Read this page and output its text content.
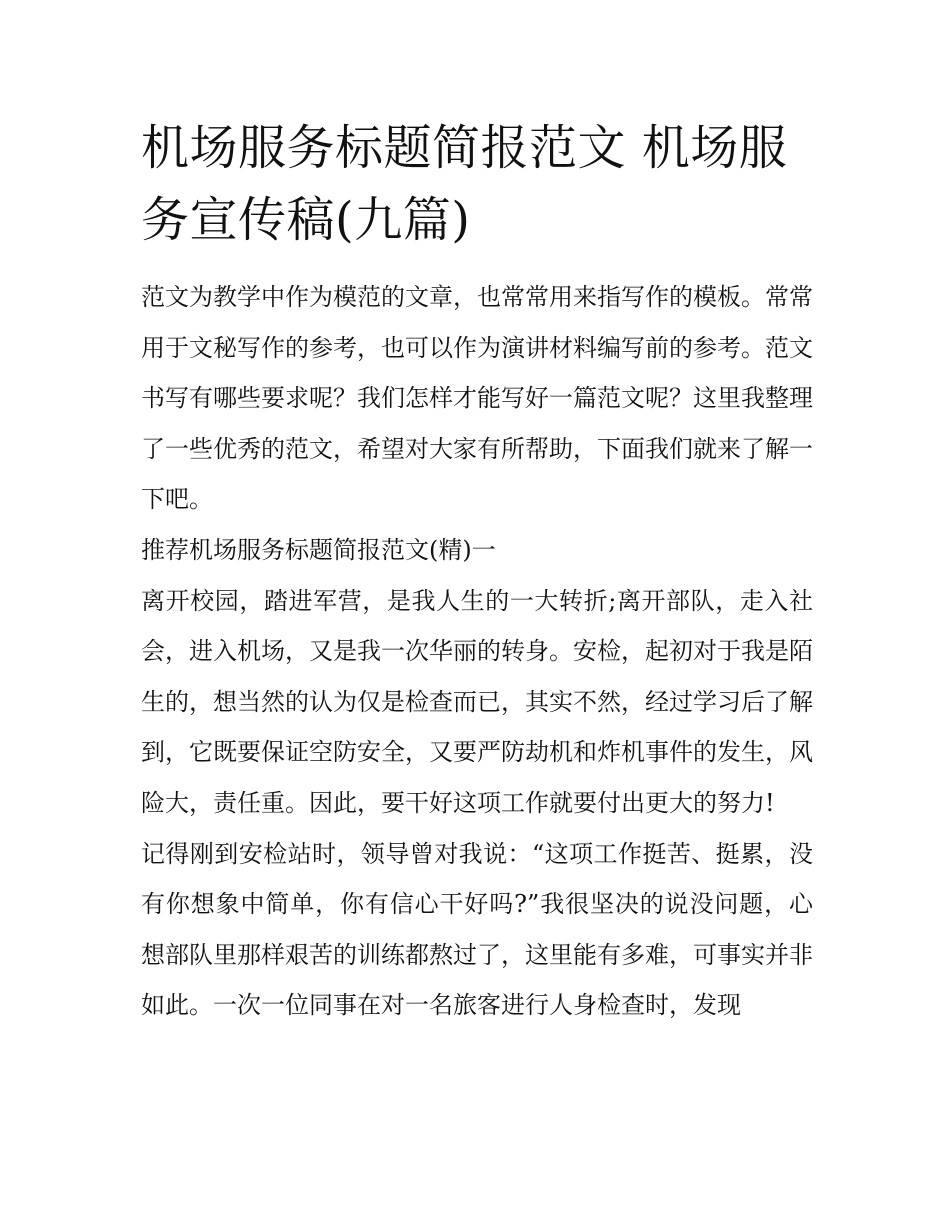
机场服务标题简报范文 机场服务宣传稿(九篇)

范文为教学中作为模范的文章，也常常用来指写作的模板。常常用于文秘写作的参考，也可以作为演讲材料编写前的参考。范文书写有哪些要求呢？我们怎样才能写好一篇范文呢？这里我整理了一些优秀的范文，希望对大家有所帮助，下面我们就来了解一下吧。

推荐机场服务标题简报范文(精)一

离开校园，踏进军营，是我人生的一大转折;离开部队，走入社会，进入机场，又是我一次华丽的转身。安检，起初对于我是陌生的，想当然的认为仅是检查而已，其实不然，经过学习后了解到，它既要保证空防安全，又要严防劫机和炸机事件的发生，风险大，责任重。因此，要干好这项工作就要付出更大的努力!

记得刚到安检站时，领导曾对我说：“这项工作挺苦、挺累，没有你想象中简单，你有信心干好吗?”我很坚决的说没问题，心想部队里那样艰苦的训练都熬过了，这里能有多难，可事实并非如此。一次一位同事在对一名旅客进行人身检查时，发现
